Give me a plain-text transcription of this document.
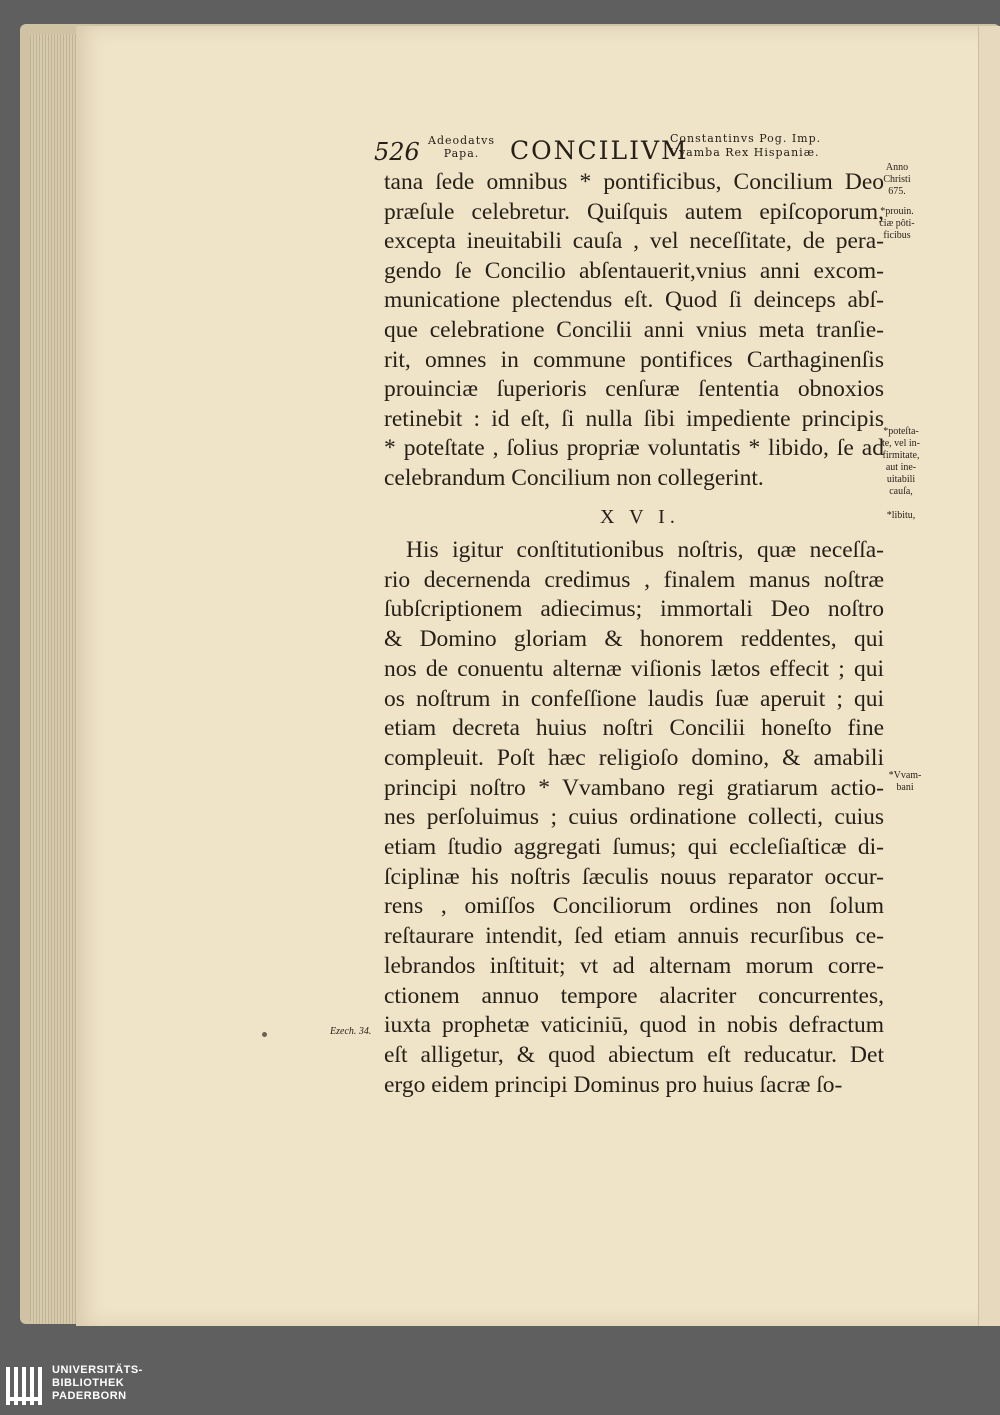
526 Adeodatvs
Papa.	CONCILIVM
Constantinvs Pog. Imp.
Vvamba Rex Hispaniæ.
tana ſede omnibus * pontificibus, Concilium Deo
præſule celebretur. Quiſquis autem epiſcoporum,
excepta ineuitabili cauſa , vel neceſſitate, de pera-
gendo ſe Concilio abſentauerit,vnius anni excom-
municatione plectendus eſt. Quod ſi deinceps abſ-
que celebratione Concilii anni vnius meta tranſie-
rit, omnes in commune pontifices Carthaginenſis
prouinciæ ſuperioris cenſuræ ſententia obnoxios
retinebit : id eſt, ſi nulla ſibi impediente principis
* poteſtate , ſolius propriæ voluntatis * libido, ſe ad
celebrandum Concilium non collegerint.
X V I.
His igitur conſtitutionibus noſtris, quæ neceſſa-
rio decernenda credimus , finalem manus noſtræ
ſubſcriptionem adiecimus; immortali Deo noſtro
& Domino gloriam & honorem reddentes, qui
nos de conuentu alternæ viſionis lætos effecit ; qui
os noſtrum in confeſſione laudis ſuæ aperuit ; qui
etiam decreta huius noſtri Concilii honeſto fine
compleuit. Poſt hæc religioſo domino, & amabili
principi noſtro * Vvambano regi gratiarum actio-
nes perſoluimus ; cuius ordinatione collecti, cuius
etiam ſtudio aggregati ſumus; qui eccleſiaſticæ di-
ſciplinæ his noſtris ſæculis nouus reparator occur-
rens , omiſſos Conciliorum ordines non ſolum
reſtaurare intendit, ſed etiam annuis recurſibus ce-
lebrandos inſtituit; vt ad alternam morum corre-
ctionem annuo tempore alacriter concurrentes,
iuxta prophetæ vaticiniū, quod in nobis defractum
eſt alligetur, & quod abiectum eſt reducatur. Det
ergo eidem principi Dominus pro huius ſacræ ſo-
Anno
Christi
675.
*prouin.
ciæ pôti-
ficibus
*poteſta-
te, vel in-
firmitate,
aut ine-
uitabili
cauſa,
*libitu,
*Vvam-
bani
Ezech. 34.
UNIVERSITÄTS-
BIBLIOTHEK
PADERBORN
